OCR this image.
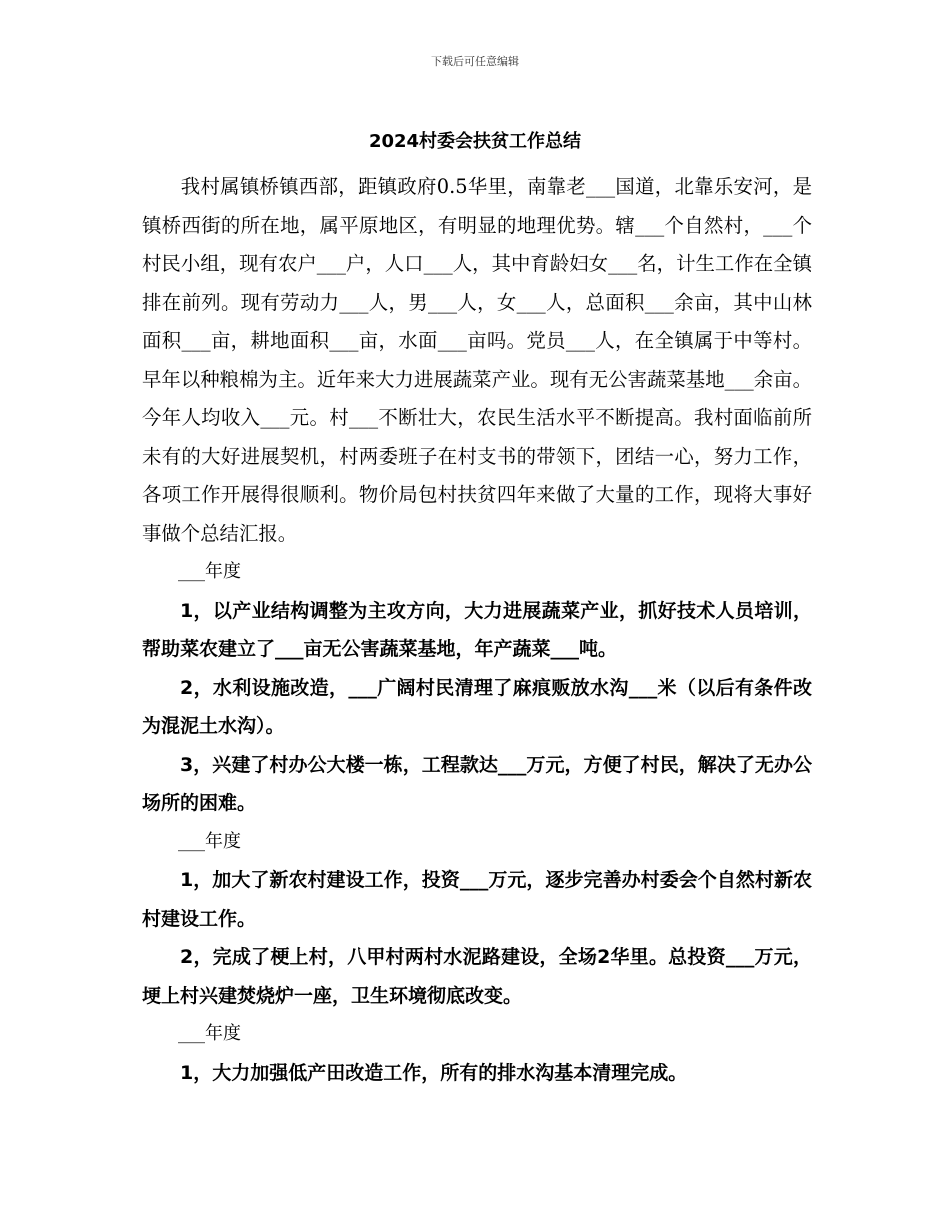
下载后可任意编辑
2024村委会扶贫工作总结

我村属镇桥镇西部，距镇政府0.5华里，南靠老___国道，北靠乐安河，是镇桥西街的所在地，属平原地区，有明显的地理优势。辖___个自然村，___个村民小组，现有农户___户，人口___人，其中育龄妇女___名，计生工作在全镇排在前列。现有劳动力___人，男___人，女___人，总面积___余亩，其中山林面积___亩，耕地面积___亩，水面___亩吗。党员___人，在全镇属于中等村。早年以种粮棉为主。近年来大力进展蔬菜产业。现有无公害蔬菜基地___余亩。今年人均收入___元。村___不断壮大，农民生活水平不断提高。我村面临前所未有的大好进展契机，村两委班子在村支书的带领下，团结一心，努力工作，各项工作开展得很顺利。物价局包村扶贫四年来做了大量的工作，现将大事好事做个总结汇报。

___年度

1，以产业结构调整为主攻方向，大力进展蔬菜产业，抓好技术人员培训，帮助菜农建立了___亩无公害蔬菜基地，年产蔬菜___吨。

2，水利设施改造，___广阔村民清理了麻痕贩放水沟___米（以后有条件改为混泥土水沟）。

3，兴建了村办公大楼一栋，工程款达___万元，方便了村民，解决了无办公场所的困难。

___年度

1，加大了新农村建设工作，投资___万元，逐步完善办村委会个自然村新农村建设工作。

2，完成了梗上村，八甲村两村水泥路建设，全场2华里。总投资___万元，埂上村兴建焚烧炉一座，卫生环境彻底改变。

___年度

1，大力加强低产田改造工作，所有的排水沟基本清理完成。
